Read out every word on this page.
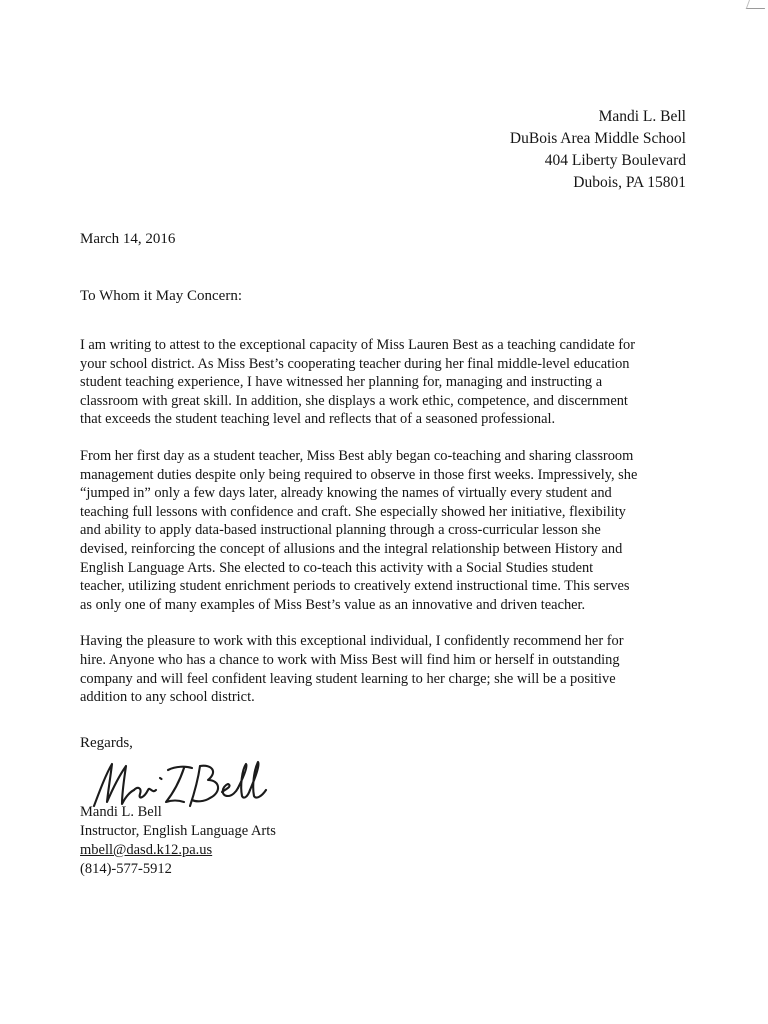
Mandi L. Bell
DuBois Area Middle School
404 Liberty Boulevard
Dubois, PA 15801
March 14, 2016
To Whom it May Concern:

I am writing to attest to the exceptional capacity of Miss Lauren Best as a teaching candidate for
your school district. As Miss Best’s cooperating teacher during her final middle-level education
student teaching experience, I have witnessed her planning for, managing and instructing a
classroom with great skill. In addition, she displays a work ethic, competence, and discernment
that exceeds the student teaching level and reflects that of a seasoned professional.

From her first day as a student teacher, Miss Best ably began co-teaching and sharing classroom
management duties despite only being required to observe in those first weeks. Impressively, she
“jumped in” only a few days later, already knowing the names of virtually every student and
teaching full lessons with confidence and craft. She especially showed her initiative, flexibility
and ability to apply data-based instructional planning through a cross-curricular lesson she
devised, reinforcing the concept of allusions and the integral relationship between History and
English Language Arts. She elected to co-teach this activity with a Social Studies student
teacher, utilizing student enrichment periods to creatively extend instructional time. This serves
as only one of many examples of Miss Best’s value as an innovative and driven teacher.

Having the pleasure to work with this exceptional individual, I confidently recommend her for
hire. Anyone who has a chance to work with Miss Best will find him or herself in outstanding
company and will feel confident leaving student learning to her charge; she will be a positive
addition to any school district.

Regards,
Mandi L. Bell
Instructor, English Language Arts
mbell@dasd.k12.pa.us
(814)-577-5912
